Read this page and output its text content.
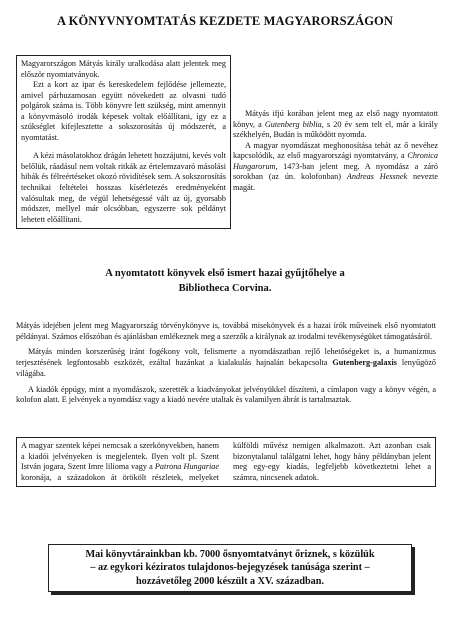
A KÖNYVNYOMTATÁS KEZDETE MAGYARORSZÁGON

Magyarországon Mátyás király uralkodása alatt jelentek meg először nyomtatványok.

Ezt a kort az ipar és kereskedelem fejlődése jellemezte, amivel párhuzamosan együtt növekedett az olvasni tudó polgárok száma is. Több könyvre lett szükség, mint amennyit a könyvmásoló irodák képesek voltak előállítani, így ez a szükséglet kifejlesztette a sokszorosítás új módszerét, a nyomtatást.

A kézi másolatokhoz drágán lehetett hozzájutni, kevés volt belőlük, ráadásul nem voltak ritkák az értelemzavaró másolási hibák és félreértéseket okozó rövidítések sem. A sokszorosítás technikai feltételei hosszas kísérletezés eredményeként valósultak meg, de végül lehetségessé vált az új, gyorsabb módszer, mellyel már olcsóbban, egyszerre sok példányt lehetett előállítani.

Mátyás ifjú korában jelent meg az első nagy nyomtatott könyv, a Gutenberg biblia, s 20 év sem telt el, már a király székhelyén, Budán is működött nyomda.

A magyar nyomdászat meghonosítása tehát az ő nevéhez kapcsolódik, az első magyarországi nyomtatvány, a Chronica Hungarorum, 1473-ban jelent meg. A nyomdász a záró sorokban (az ún. kolofonban) Andreas Hessnek nevezte magát.

A nyomtatott könyvek első ismert hazai gyűjtőhelye a
Bibliotheca Corvina.

Mátyás idejében jelent meg Magyarország törvénykönyve is, továbbá misekönyvek és a hazai írók műveinek első nyomtatott példányai. Számos előszóban és ajánlásban emlékeznek meg a szerzők a királynak az irodalmi tevékenységüket támogatásáról.

Mátyás minden korszerűség iránt fogékony volt, felismerte a nyomdászatban rejlő lehetőségeket is, a humanizmus terjesztésének legfontosabb eszközét, ezáltal hazánkat a kialakulás hajnalán bekapcsolta Gutenberg-galaxis lenyűgöző világába.

A kiadók éppúgy, mint a nyomdászok, szerették a kiadványokat jelvényükkel díszíteni, a címlapon vagy a könyv végén, a kolofon alatt. E jelvények a nyomdász vagy a kiadó nevére utaltak és valamilyen ábrát is tartalmaztak.

A magyar szentek képei nemcsak a szerkönyvekben, hanem a kiadói jelvényeken is megjelentek. Ilyen volt pl. Szent István jogara, Szent Imre liliomа vagy a Patrona Hungariae koronája, a századokon át örökölt részletek, melyeket külföldi művész nemigen alkalmazott. Azt azonban csak bizonytalanul találgatni lehet, hogy hány példányban jelent meg egy-egy kiadás, legfeljebb következtetni lehet a számra, nincsenek adatok.

Mai könyvtárainkban kb. 7000 ősnyomtatványt őriznek, s közülük
– az egykori kéziratos tulajdonos-bejegyzések tanúsága szerint –
hozzávetőleg 2000 készült a XV. században.
